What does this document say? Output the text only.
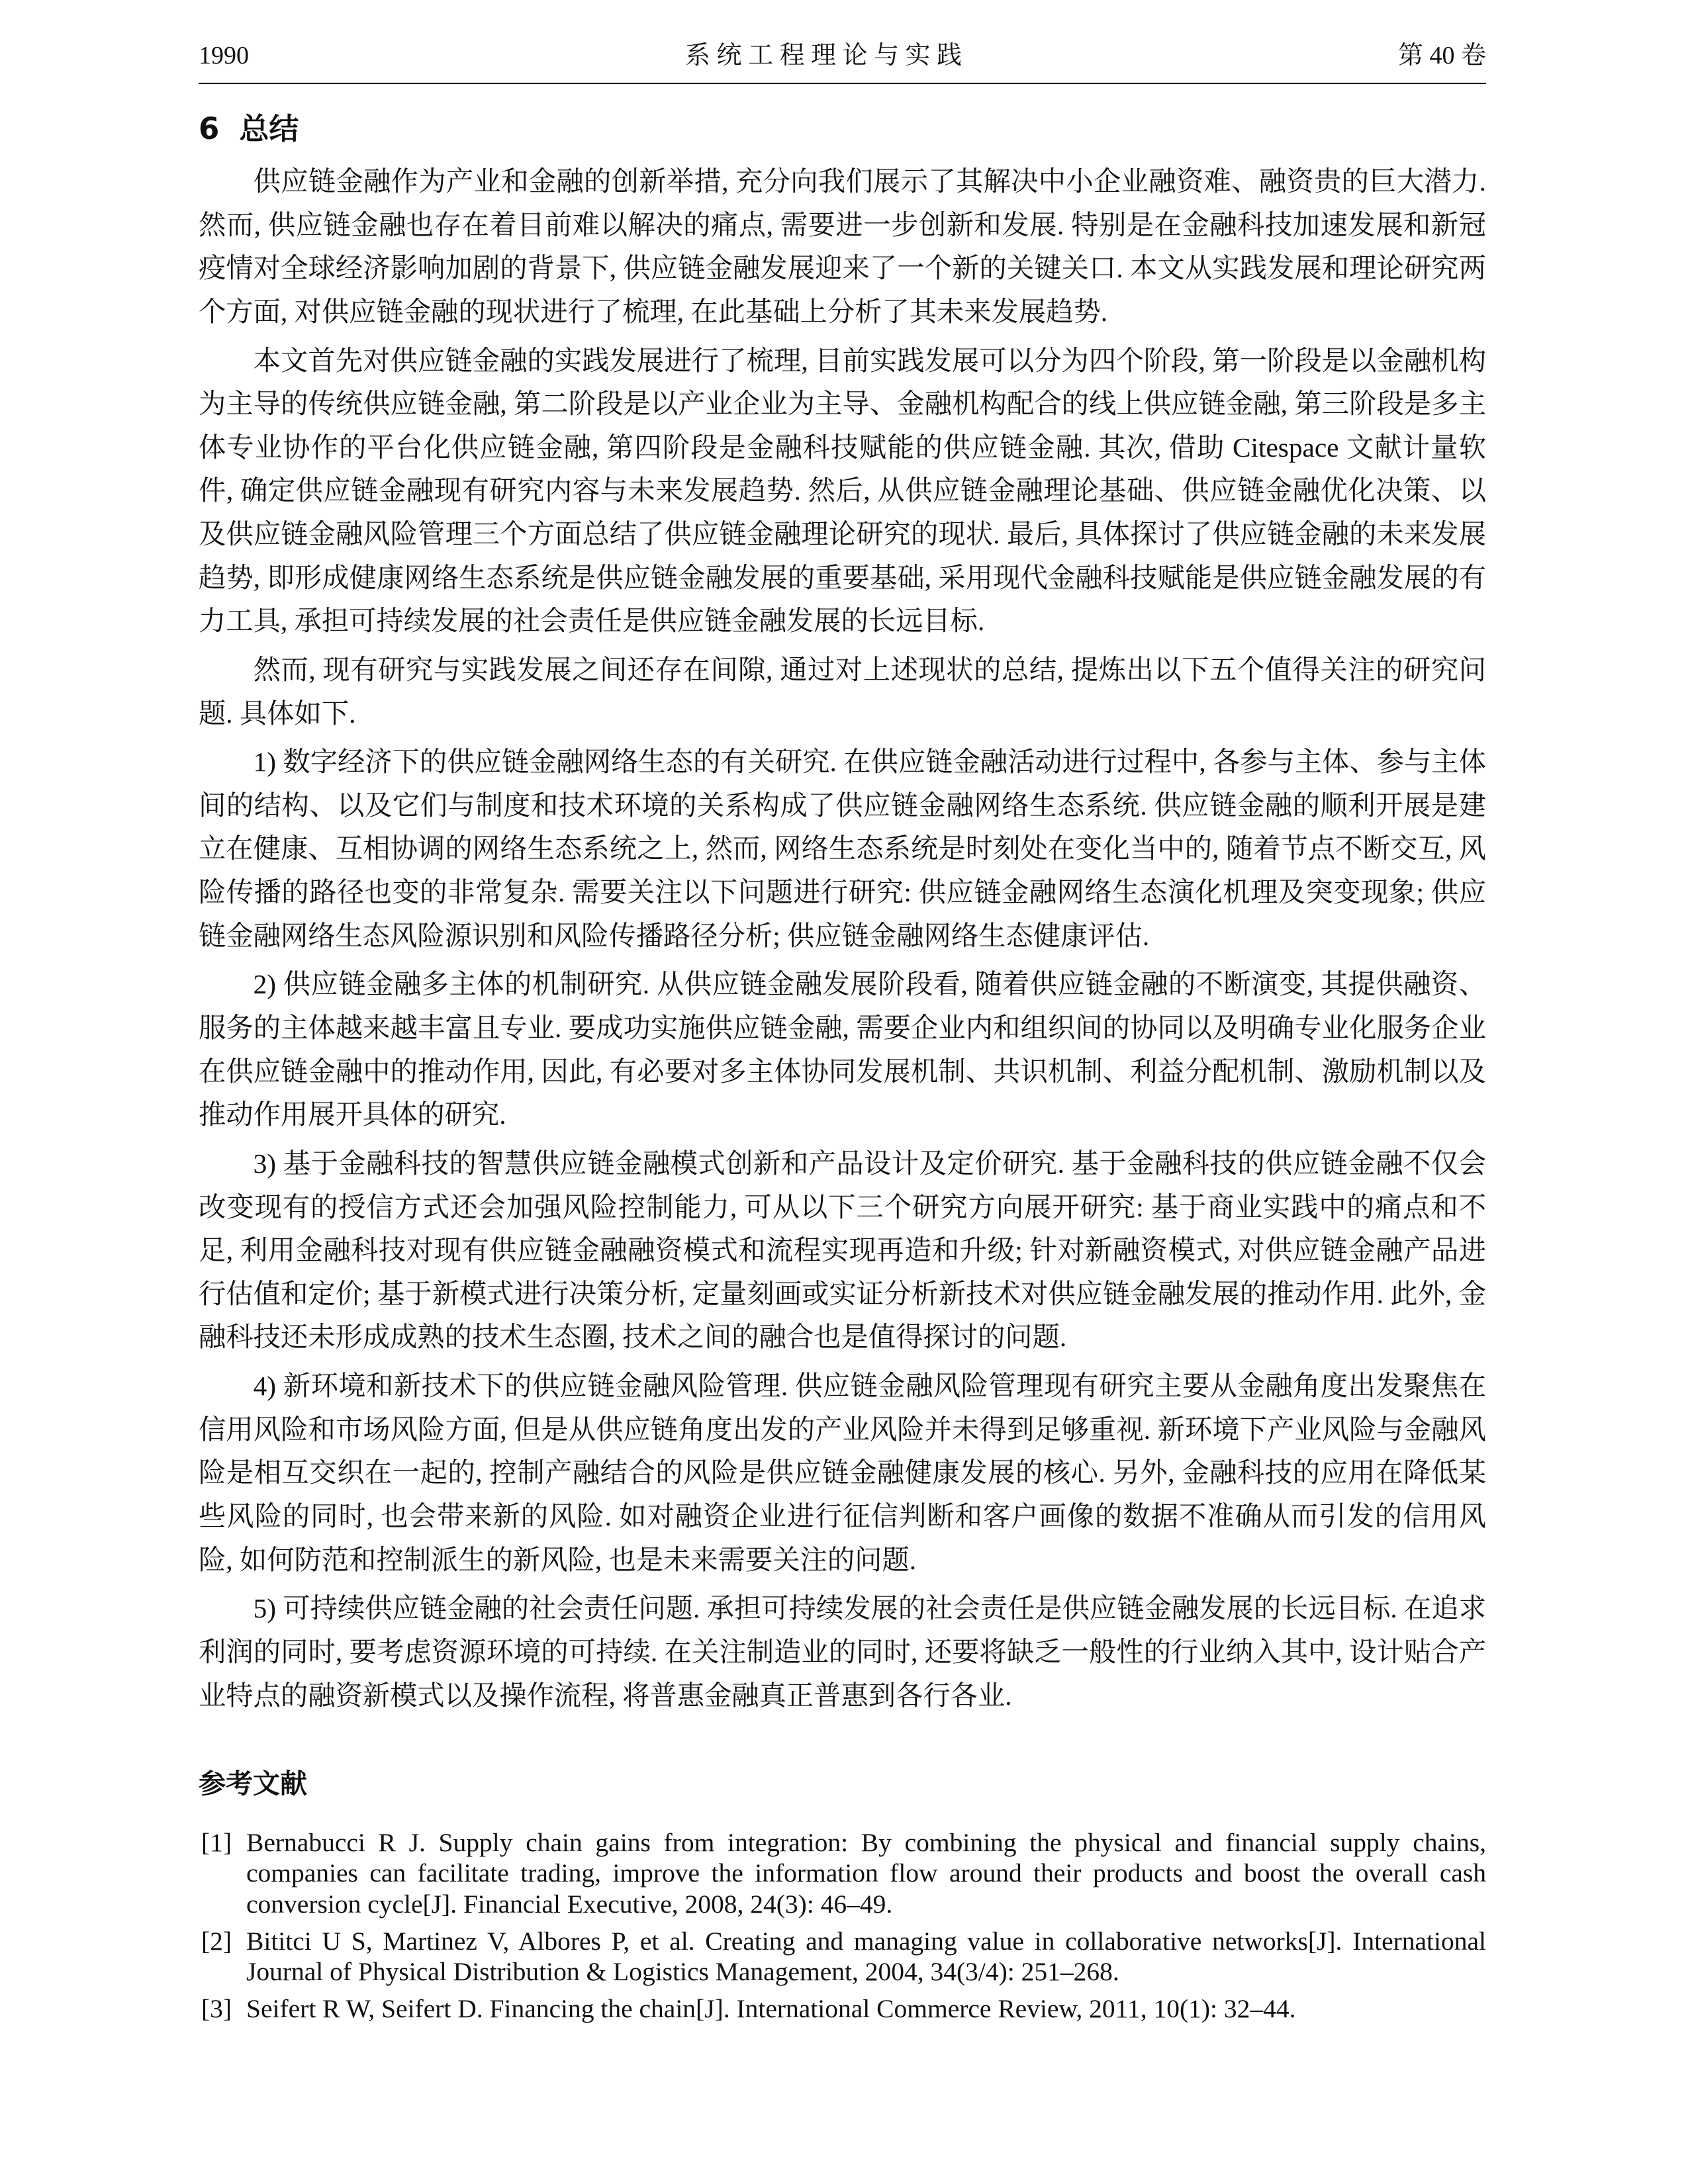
1990	系统工程理论与实践	第 40 卷
6 总结

供应链金融作为产业和金融的创新举措, 充分向我们展示了其解决中小企业融资难、融资贵的巨大潜力. 然而, 供应链金融也存在着目前难以解决的痛点, 需要进一步创新和发展. 特别是在金融科技加速发展和新冠疫情对全球经济影响加剧的背景下, 供应链金融发展迎来了一个新的关键关口. 本文从实践发展和理论研究两个方面, 对供应链金融的现状进行了梳理, 在此基础上分析了其未来发展趋势.

本文首先对供应链金融的实践发展进行了梳理, 目前实践发展可以分为四个阶段, 第一阶段是以金融机构为主导的传统供应链金融, 第二阶段是以产业企业为主导、金融机构配合的线上供应链金融, 第三阶段是多主体专业协作的平台化供应链金融, 第四阶段是金融科技赋能的供应链金融. 其次, 借助 Citespace 文献计量软件, 确定供应链金融现有研究内容与未来发展趋势. 然后, 从供应链金融理论基础、供应链金融优化决策、以及供应链金融风险管理三个方面总结了供应链金融理论研究的现状. 最后, 具体探讨了供应链金融的未来发展趋势, 即形成健康网络生态系统是供应链金融发展的重要基础, 采用现代金融科技赋能是供应链金融发展的有力工具, 承担可持续发展的社会责任是供应链金融发展的长远目标.

然而, 现有研究与实践发展之间还存在间隙, 通过对上述现状的总结, 提炼出以下五个值得关注的研究问题. 具体如下.

1) 数字经济下的供应链金融网络生态的有关研究. 在供应链金融活动进行过程中, 各参与主体、参与主体间的结构、以及它们与制度和技术环境的关系构成了供应链金融网络生态系统. 供应链金融的顺利开展是建立在健康、互相协调的网络生态系统之上, 然而, 网络生态系统是时刻处在变化当中的, 随着节点不断交互, 风险传播的路径也变的非常复杂. 需要关注以下问题进行研究: 供应链金融网络生态演化机理及突变现象; 供应链金融网络生态风险源识别和风险传播路径分析; 供应链金融网络生态健康评估.

2) 供应链金融多主体的机制研究. 从供应链金融发展阶段看, 随着供应链金融的不断演变, 其提供融资、服务的主体越来越丰富且专业. 要成功实施供应链金融, 需要企业内和组织间的协同以及明确专业化服务企业在供应链金融中的推动作用, 因此, 有必要对多主体协同发展机制、共识机制、利益分配机制、激励机制以及推动作用展开具体的研究.

3) 基于金融科技的智慧供应链金融模式创新和产品设计及定价研究. 基于金融科技的供应链金融不仅会改变现有的授信方式还会加强风险控制能力, 可从以下三个研究方向展开研究: 基于商业实践中的痛点和不足, 利用金融科技对现有供应链金融融资模式和流程实现再造和升级; 针对新融资模式, 对供应链金融产品进行估值和定价; 基于新模式进行决策分析, 定量刻画或实证分析新技术对供应链金融发展的推动作用. 此外, 金融科技还未形成成熟的技术生态圈, 技术之间的融合也是值得探讨的问题.

4) 新环境和新技术下的供应链金融风险管理. 供应链金融风险管理现有研究主要从金融角度出发聚焦在信用风险和市场风险方面, 但是从供应链角度出发的产业风险并未得到足够重视. 新环境下产业风险与金融风险是相互交织在一起的, 控制产融结合的风险是供应链金融健康发展的核心. 另外, 金融科技的应用在降低某些风险的同时, 也会带来新的风险. 如对融资企业进行征信判断和客户画像的数据不准确从而引发的信用风险, 如何防范和控制派生的新风险, 也是未来需要关注的问题.

5) 可持续供应链金融的社会责任问题. 承担可持续发展的社会责任是供应链金融发展的长远目标. 在追求利润的同时, 要考虑资源环境的可持续. 在关注制造业的同时, 还要将缺乏一般性的行业纳入其中, 设计贴合产业特点的融资新模式以及操作流程, 将普惠金融真正普惠到各行各业.

参考文献
[1] Bernabucci R J. Supply chain gains from integration: By combining the physical and financial supply chains, companies can facilitate trading, improve the information flow around their products and boost the overall cash conversion cycle[J]. Financial Executive, 2008, 24(3): 46–49.
[2] Bititci U S, Martinez V, Albores P, et al. Creating and managing value in collaborative networks[J]. International Journal of Physical Distribution & Logistics Management, 2004, 34(3/4): 251–268.
[3] Seifert R W, Seifert D. Financing the chain[J]. International Commerce Review, 2011, 10(1): 32–44.
